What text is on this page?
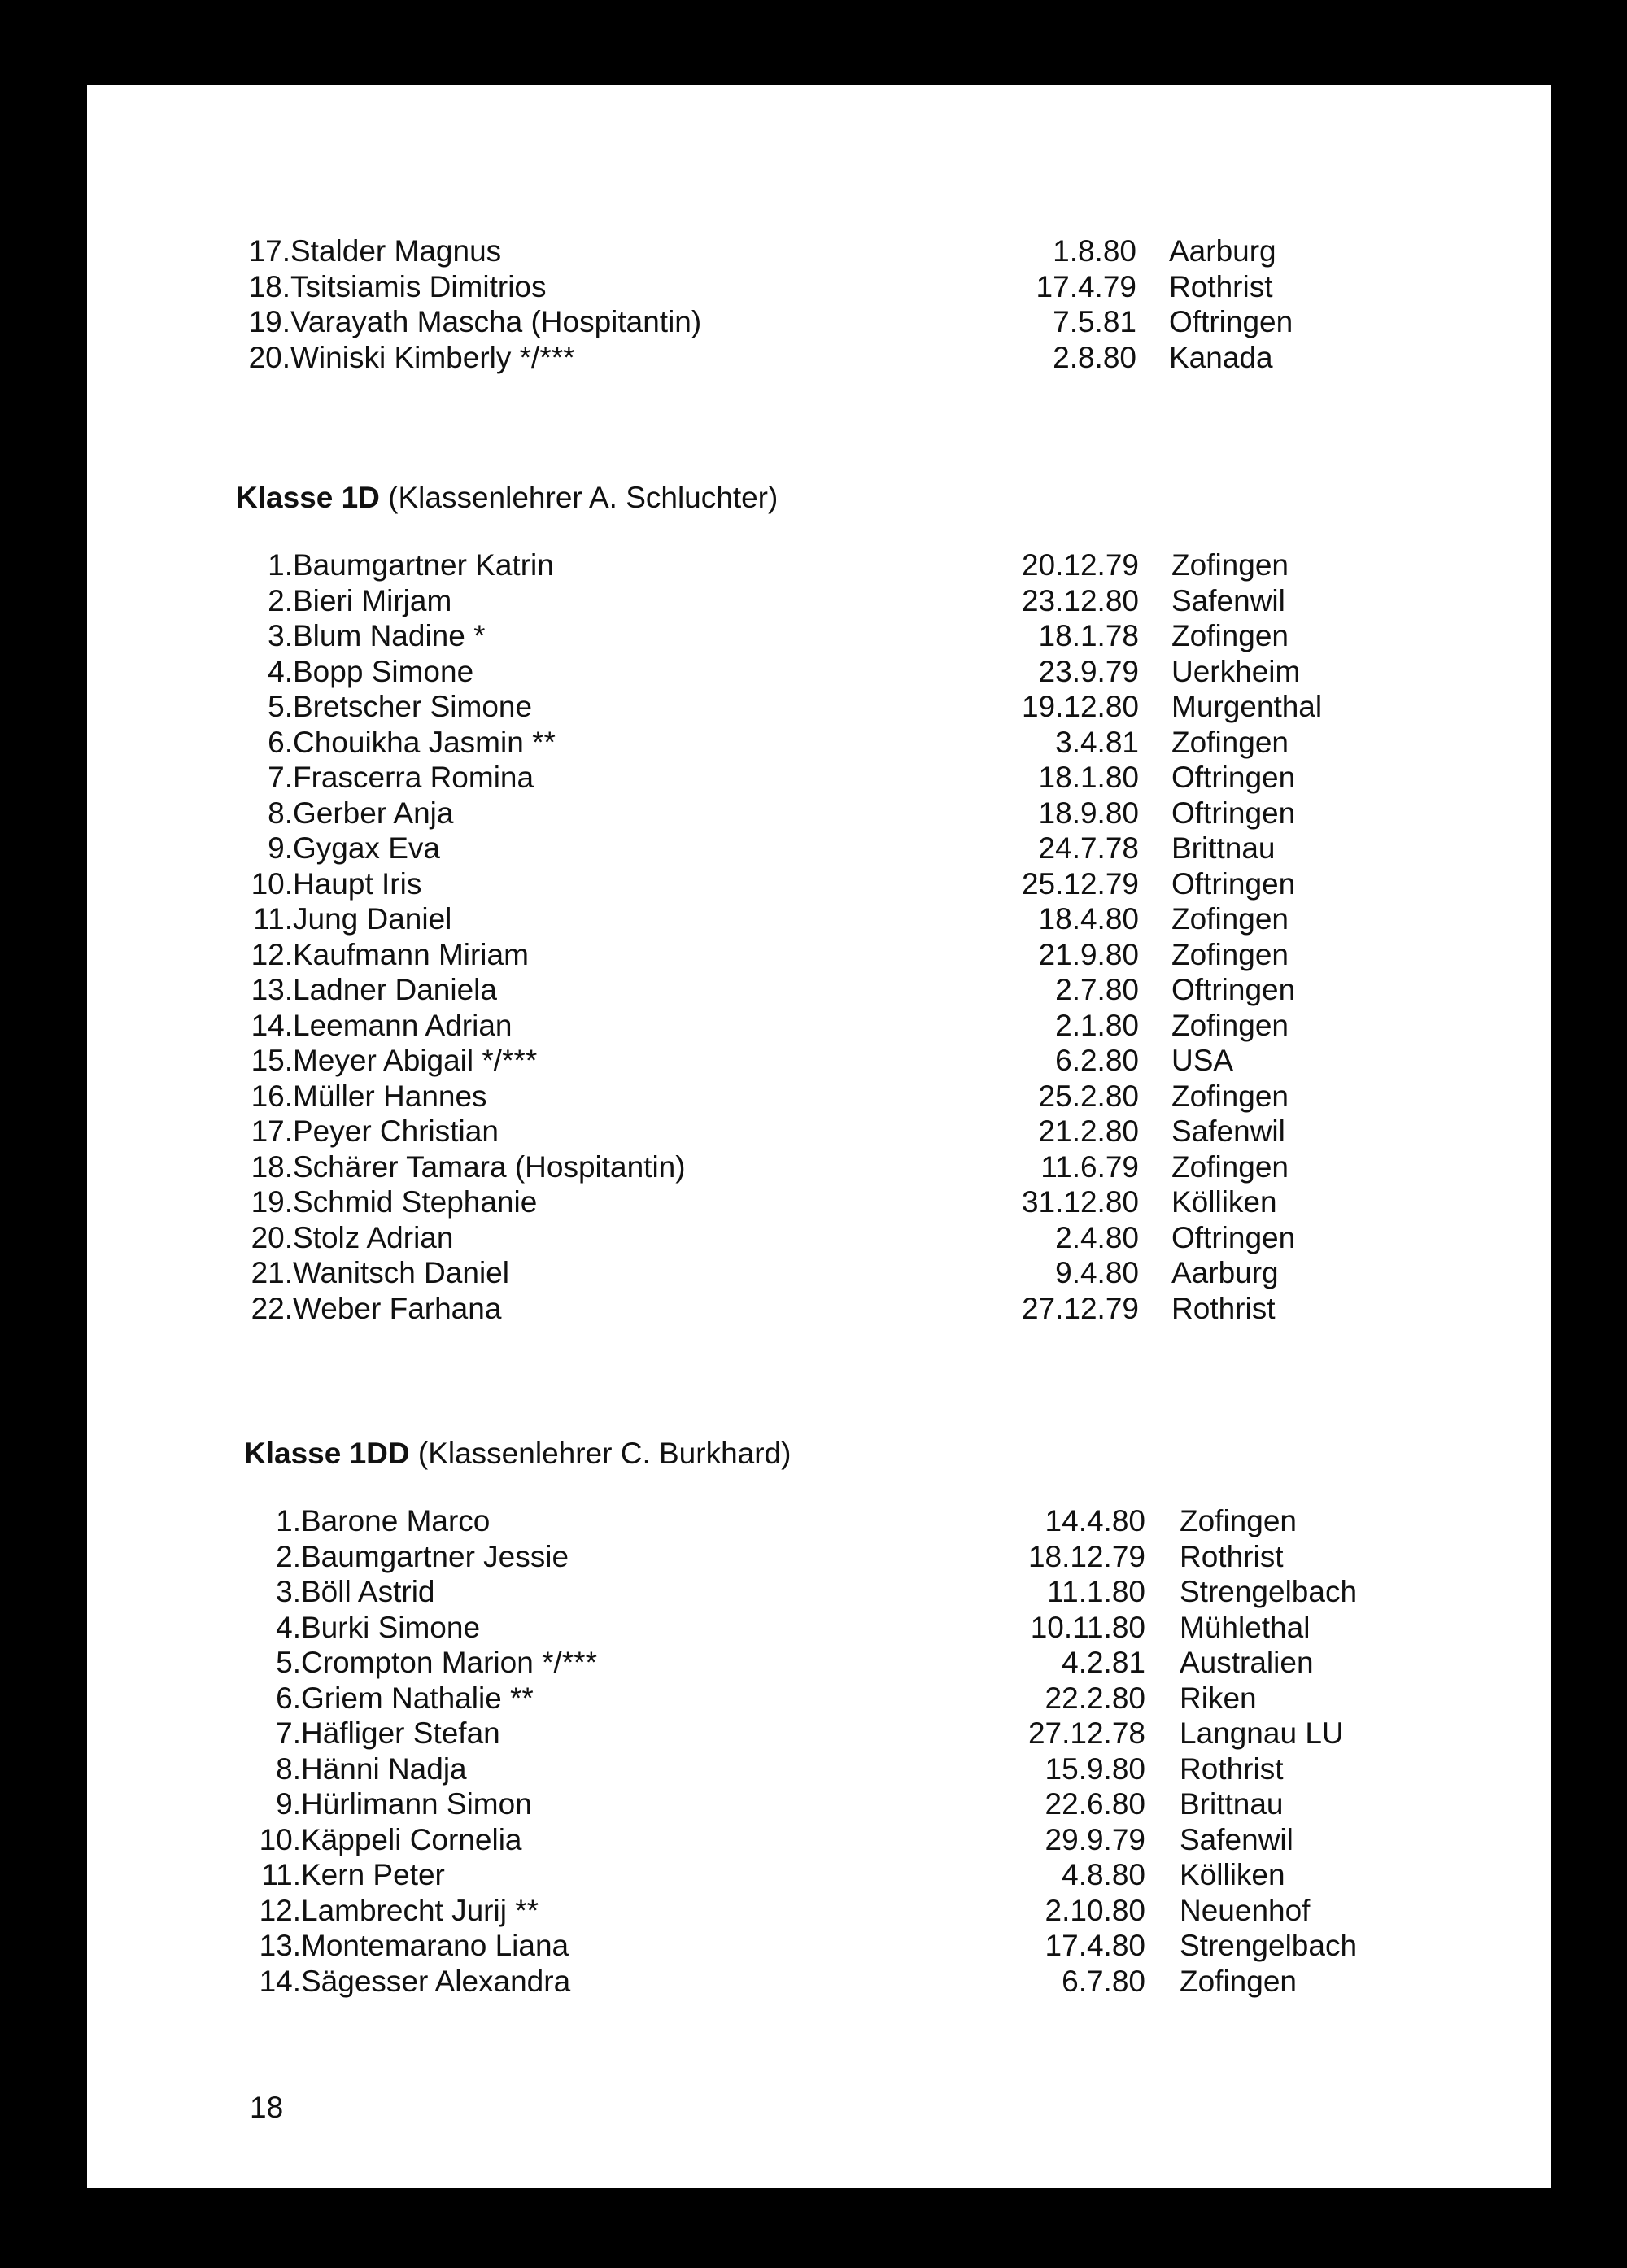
17. Stalder Magnus	1.8.80 Aarburg
18. Tsitsiamis Dimitrios	17.4.79 Rothrist
19. Varayath Mascha (Hospitantin)	7.5.81 Oftringen
20. Winiski Kimberly */***	2.8.80 Kanada
Klasse 1D (Klassenlehrer A. Schluchter)
1. Baumgartner Katrin	20.12.79 Zofingen
2. Bieri Mirjam	23.12.80 Safenwil
3. Blum Nadine *	18.1.78 Zofingen
4. Bopp Simone	23.9.79 Uerkheim
5. Bretscher Simone	19.12.80 Murgenthal
6. Chouikha Jasmin **	3.4.81 Zofingen
7. Frascerra Romina	18.1.80 Oftringen
8. Gerber Anja	18.9.80 Oftringen
9. Gygax Eva	24.7.78 Brittnau
10. Haupt Iris	25.12.79 Oftringen
11. Jung Daniel	18.4.80 Zofingen
12. Kaufmann Miriam	21.9.80 Zofingen
13. Ladner Daniela	2.7.80 Oftringen
14. Leemann Adrian	2.1.80 Zofingen
15. Meyer Abigail */***	6.2.80 USA
16. Müller Hannes	25.2.80 Zofingen
17. Peyer Christian	21.2.80 Safenwil
18. Schärer Tamara (Hospitantin)	11.6.79 Zofingen
19. Schmid Stephanie	31.12.80 Kölliken
20. Stolz Adrian	2.4.80 Oftringen
21. Wanitsch Daniel	9.4.80 Aarburg
22. Weber Farhana	27.12.79 Rothrist
Klasse 1DD (Klassenlehrer C. Burkhard)
1. Barone Marco	14.4.80 Zofingen
2. Baumgartner Jessie	18.12.79 Rothrist
3. Böll Astrid	11.1.80 Strengelbach
4. Burki Simone	10.11.80 Mühlethal
5. Crompton Marion */***	4.2.81 Australien
6. Griem Nathalie **	22.2.80 Riken
7. Häfliger Stefan	27.12.78 Langnau LU
8. Hänni Nadja	15.9.80 Rothrist
9. Hürlimann Simon	22.6.80 Brittnau
10. Käppeli Cornelia	29.9.79 Safenwil
11. Kern Peter	4.8.80 Kölliken
12. Lambrecht Jurij **	2.10.80 Neuenhof
13. Montemarano Liana	17.4.80 Strengelbach
14. Sägesser Alexandra	6.7.80 Zofingen
18
